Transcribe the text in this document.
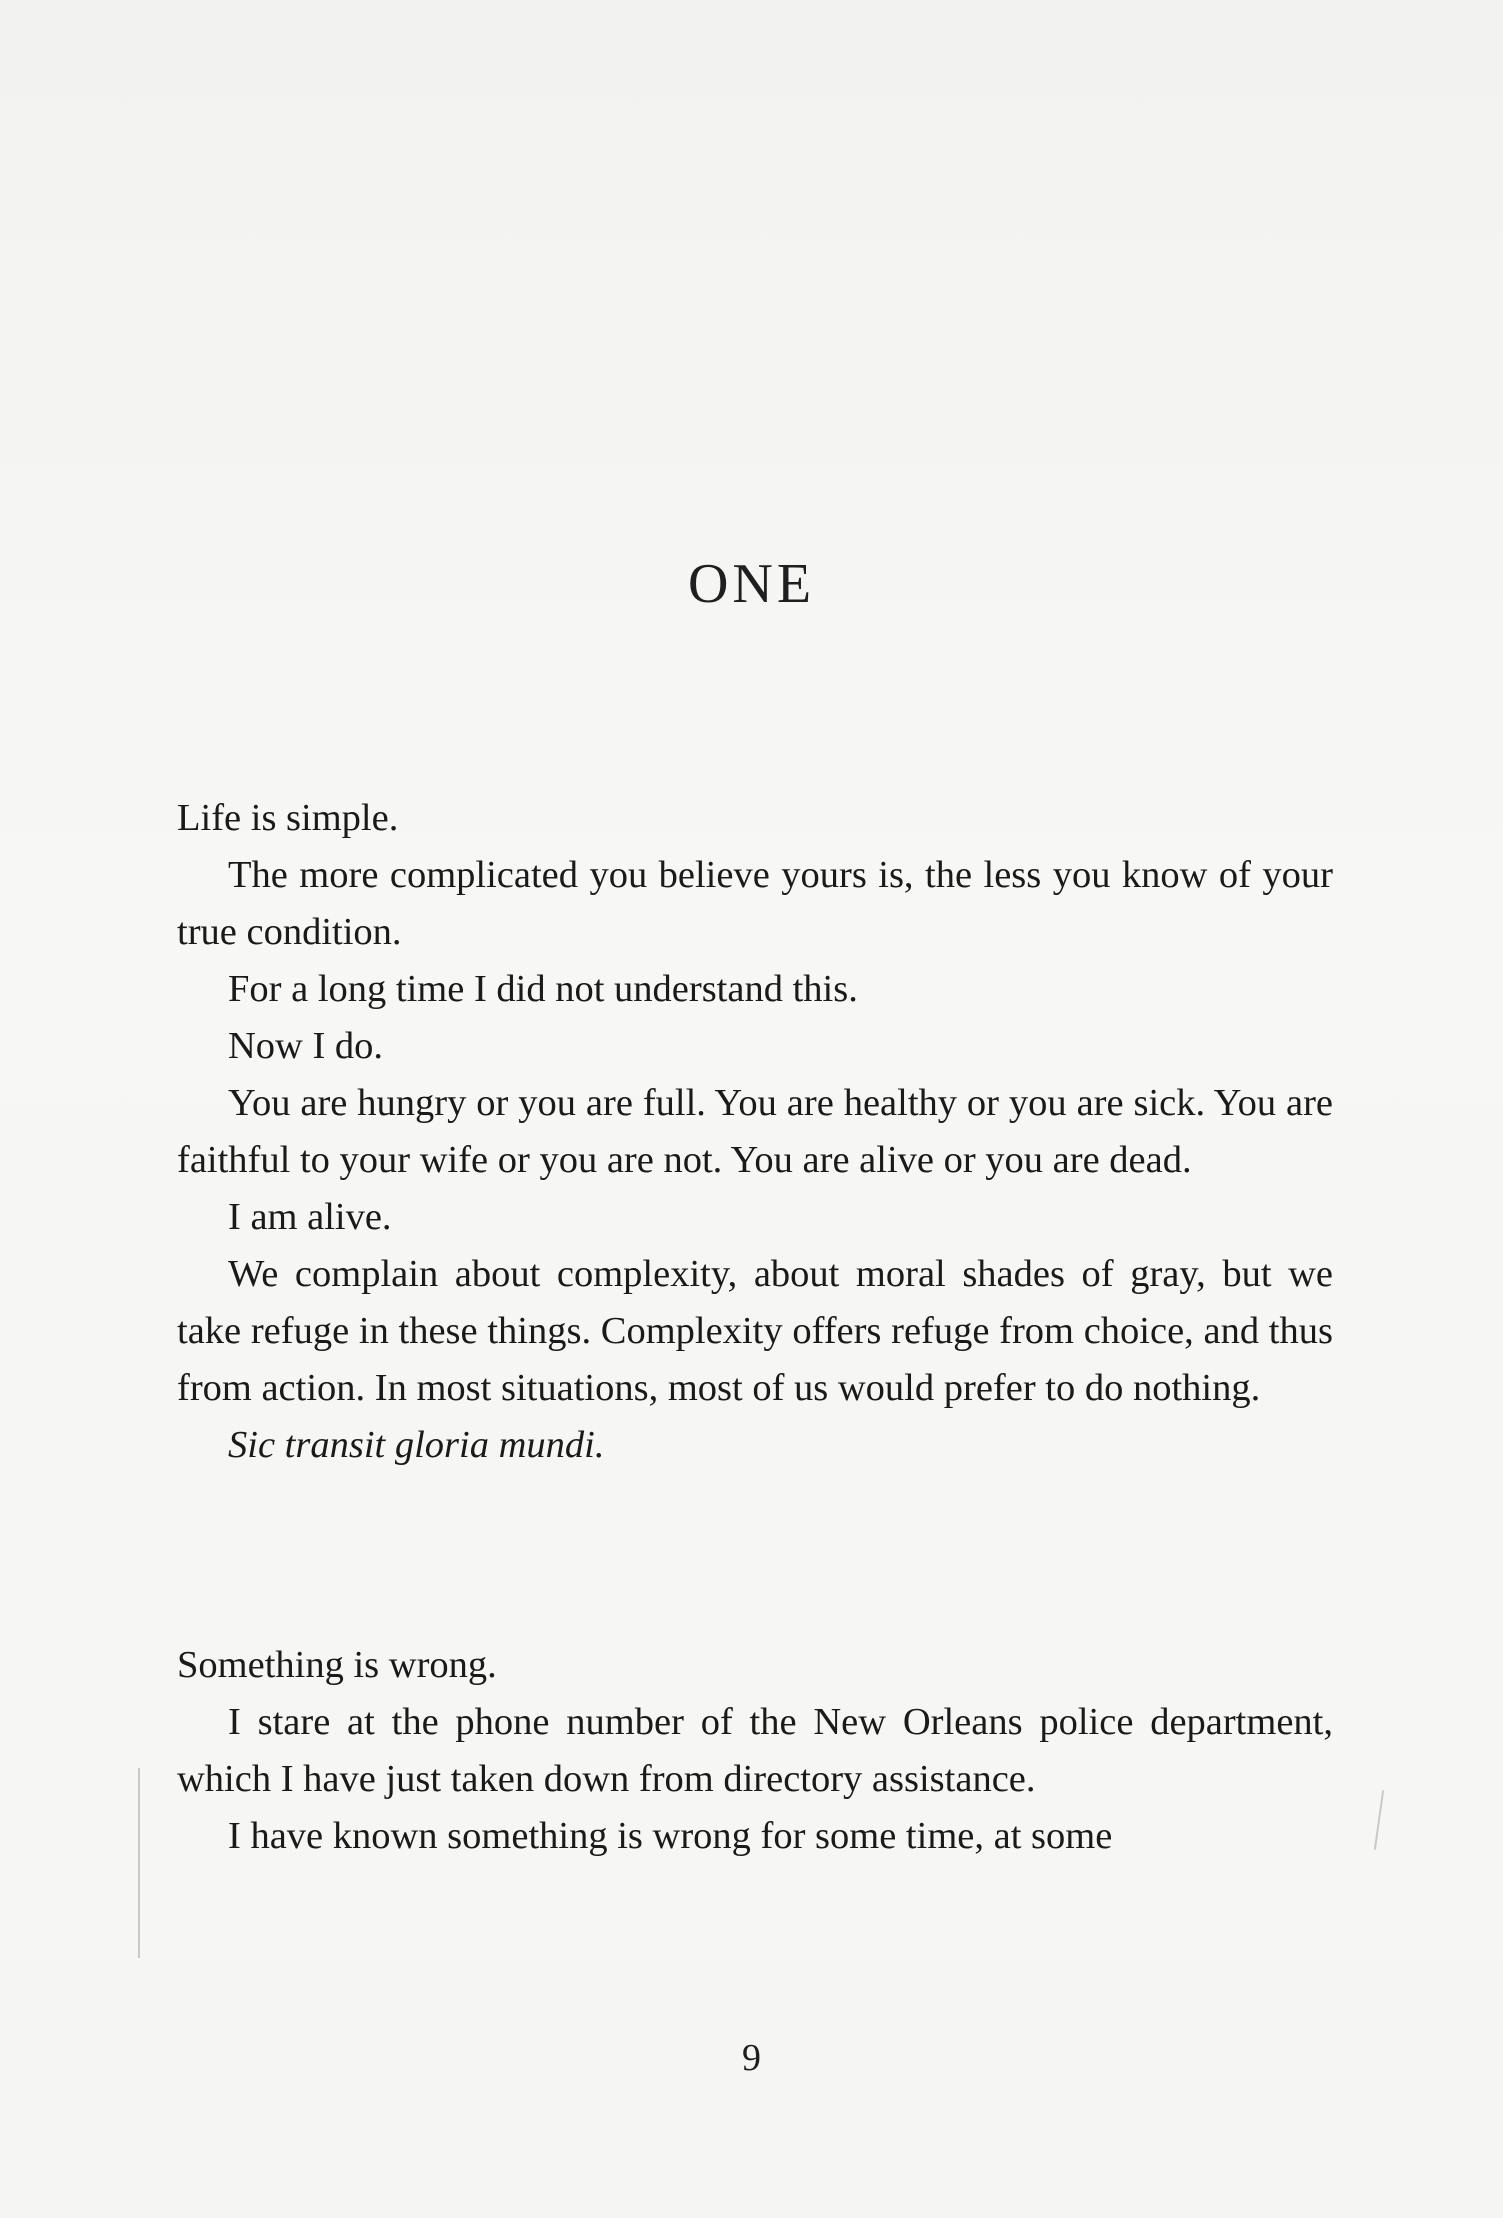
ONE

Life is simple.

The more complicated you believe yours is, the less you know of your true condition.

For a long time I did not understand this.

Now I do.

You are hungry or you are full. You are healthy or you are sick. You are faithful to your wife or you are not. You are alive or you are dead.

I am alive.

We complain about complexity, about moral shades of gray, but we take refuge in these things. Complexity offers refuge from choice, and thus from action. In most situations, most of us would prefer to do nothing.

Sic transit gloria mundi.

Something is wrong.

I stare at the phone number of the New Orleans police department, which I have just taken down from directory assistance.

I have known something is wrong for some time, at some

9
